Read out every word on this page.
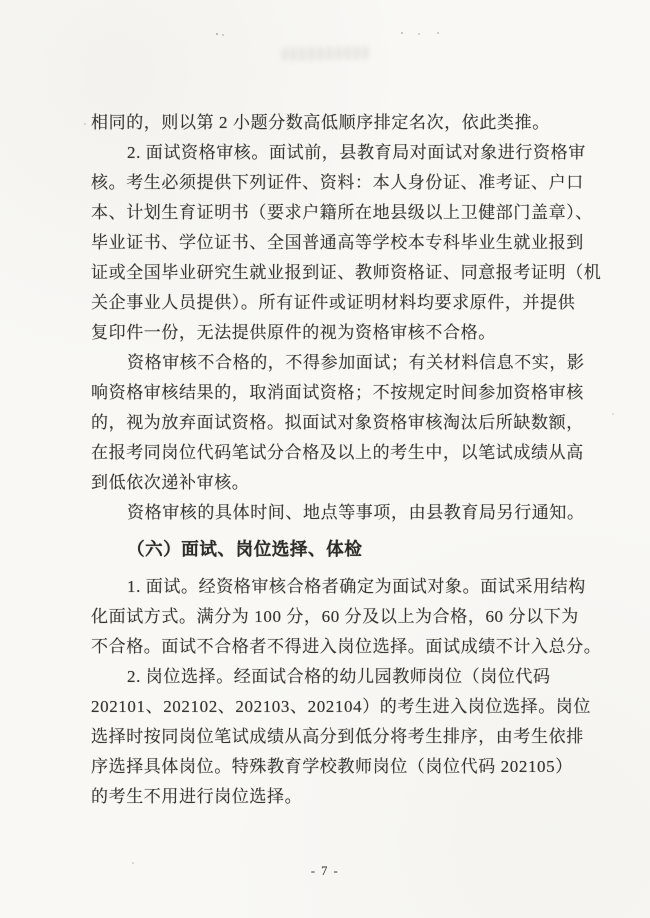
相同的，则以第 2 小题分数高低顺序排定名次，依此类推。
2. 面试资格审核。面试前，县教育局对面试对象进行资格审
核。考生必须提供下列证件、资料：本人身份证、准考证、户口
本、计划生育证明书（要求户籍所在地县级以上卫健部门盖章）、
毕业证书、学位证书、全国普通高等学校本专科毕业生就业报到
证或全国毕业研究生就业报到证、教师资格证、同意报考证明（机
关企事业人员提供）。所有证件或证明材料均要求原件，并提供
复印件一份，无法提供原件的视为资格审核不合格。
资格审核不合格的，不得参加面试；有关材料信息不实，影
响资格审核结果的，取消面试资格；不按规定时间参加资格审核
的，视为放弃面试资格。拟面试对象资格审核淘汰后所缺数额，
在报考同岗位代码笔试分合格及以上的考生中，以笔试成绩从高
到低依次递补审核。
资格审核的具体时间、地点等事项，由县教育局另行通知。
（六）面试、岗位选择、体检
1. 面试。经资格审核合格者确定为面试对象。面试采用结构
化面试方式。满分为 100 分，60 分及以上为合格，60 分以下为
不合格。面试不合格者不得进入岗位选择。面试成绩不计入总分。
2. 岗位选择。经面试合格的幼儿园教师岗位（岗位代码
202101、202102、202103、202104）的考生进入岗位选择。岗位
选择时按同岗位笔试成绩从高分到低分将考生排序，由考生依排
序选择具体岗位。特殊教育学校教师岗位（岗位代码 202105）
的考生不用进行岗位选择。
- 7 -
